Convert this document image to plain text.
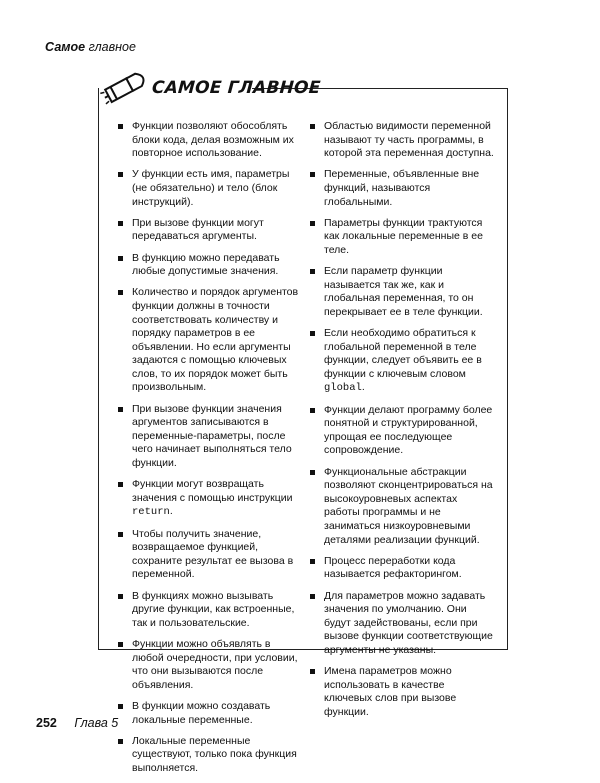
Самое главное
САМОЕ ГЛАВНОЕ
Функции позволяют обособлять блоки кода, делая возможным их повторное использование.
У функции есть имя, параметры (не обязательно) и тело (блок инструкций).
При вызове функции могут передаваться аргументы.
В функцию можно передавать любые допустимые значения.
Количество и порядок аргументов функции должны в точности соответствовать количеству и порядку параметров в ее объявлении. Но если аргументы задаются с помощью ключевых слов, то их порядок может быть произвольным.
При вызове функции значения аргументов записываются в переменные-параметры, после чего начинает выполняться тело функции.
Функции могут возвращать значения с помощью инструкции return.
Чтобы получить значение, возвращаемое функцией, сохраните результат ее вызова в переменной.
В функциях можно вызывать другие функции, как встроенные, так и пользовательские.
Функции можно объявлять в любой очередности, при условии, что они вызываются после объявления.
В функции можно создавать локальные переменные.
Локальные переменные существуют, только пока функция выполняется.
Областью видимости переменной называют ту часть программы, в которой эта переменная доступна.
Переменные, объявленные вне функций, называются глобальными.
Параметры функции трактуются как локальные переменные в ее теле.
Если параметр функции называется так же, как и глобальная переменная, то он перекрывает ее в теле функции.
Если необходимо обратиться к глобальной переменной в теле функции, следует объявить ее в функции с ключевым словом global.
Функции делают программу более понятной и структурированной, упрощая ее последующее сопровождение.
Функциональные абстракции позволяют сконцентрироваться на высокоуровневых аспектах работы программы и не заниматься низкоуровневыми деталями реализации функций.
Процесс переработки кода называется рефакторингом.
Для параметров можно задавать значения по умолчанию. Они будут задействованы, если при вызове функции соответствующие аргументы не указаны.
Имена параметров можно использовать в качестве ключевых слов при вызове функции.
252 Глава 5
